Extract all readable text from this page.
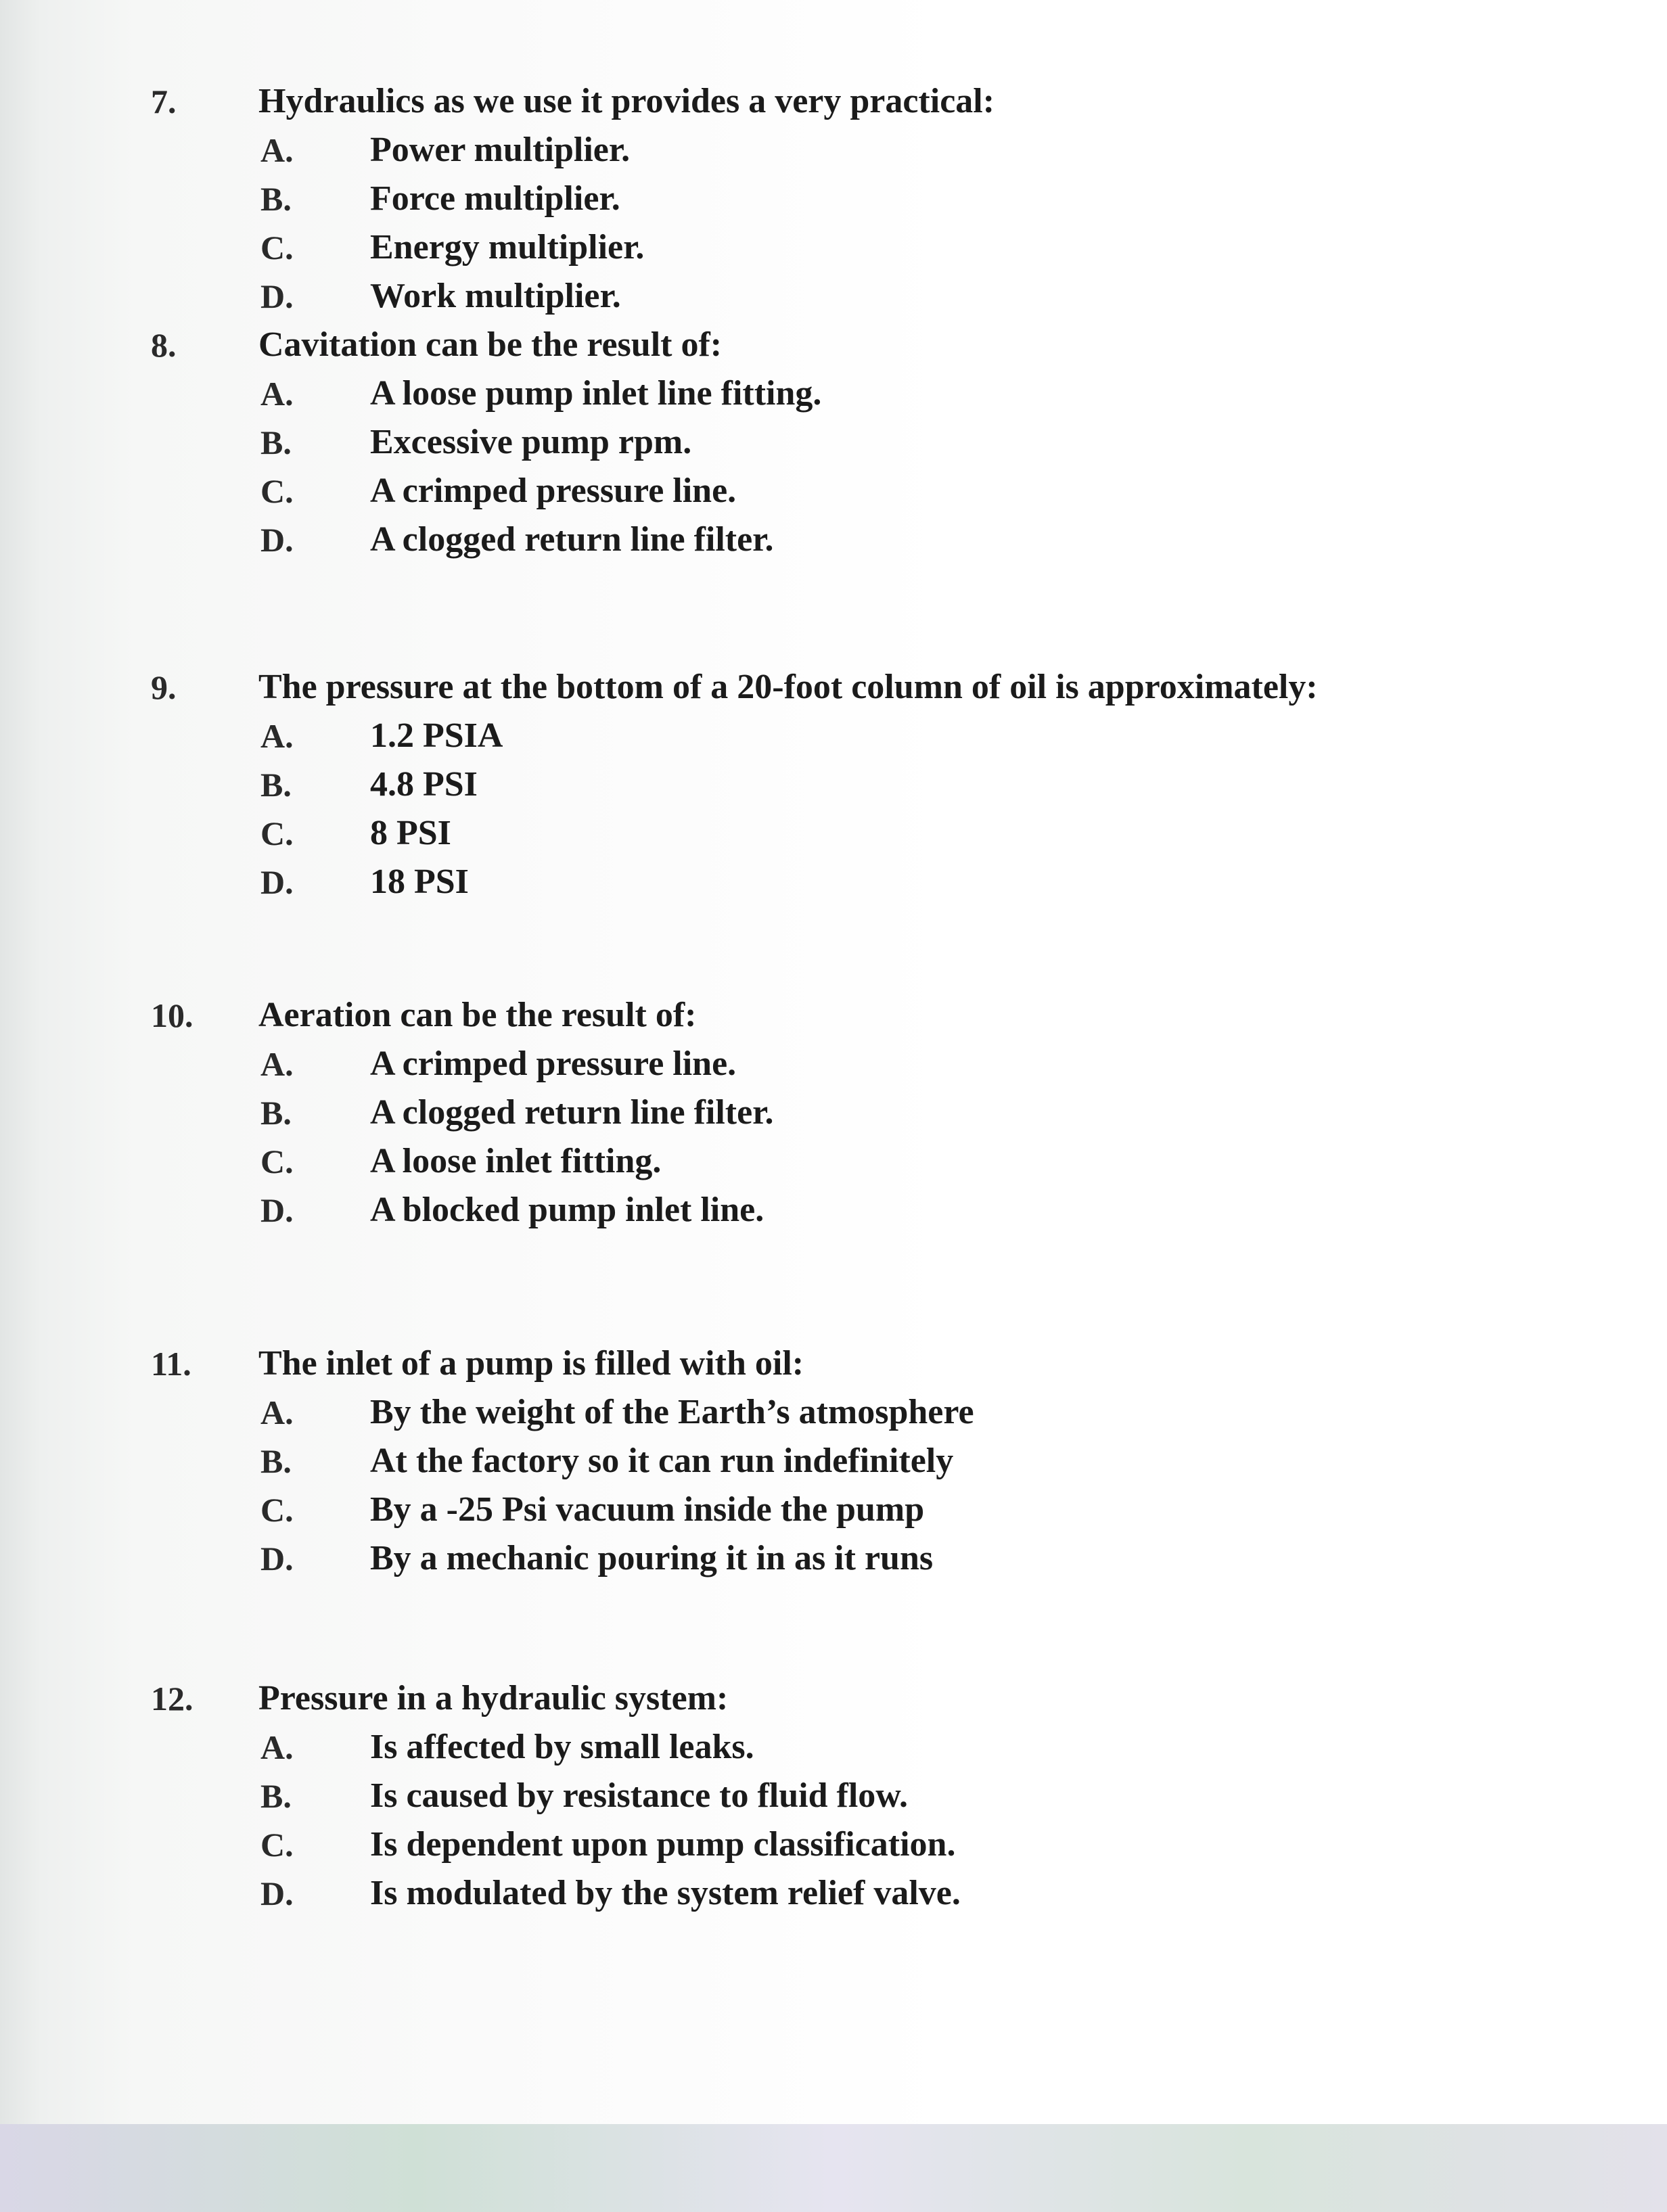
7. Hydraulics as we use it provides a very practical:
A. Power multiplier.
B. Force multiplier.
C. Energy multiplier.
D. Work multiplier.
8. Cavitation can be the result of:
A. A loose pump inlet line fitting.
B. Excessive pump rpm.
C. A crimped pressure line.
D. A clogged return line filter.
9. The pressure at the bottom of a 20-foot column of oil is approximately:
A. 1.2 PSIA
B. 4.8 PSI
C. 8 PSI
D. 18 PSI
10. Aeration can be the result of:
A. A crimped pressure line.
B. A clogged return line filter.
C. A loose inlet fitting.
D. A blocked pump inlet line.
11. The inlet of a pump is filled with oil:
A. By the weight of the Earth’s atmosphere
B. At the factory so it can run indefinitely
C. By a -25 Psi vacuum inside the pump
D. By a mechanic pouring it in as it runs
12. Pressure in a hydraulic system:
A. Is affected by small leaks.
B. Is caused by resistance to fluid flow.
C. Is dependent upon pump classification.
D. Is modulated by the system relief valve.
